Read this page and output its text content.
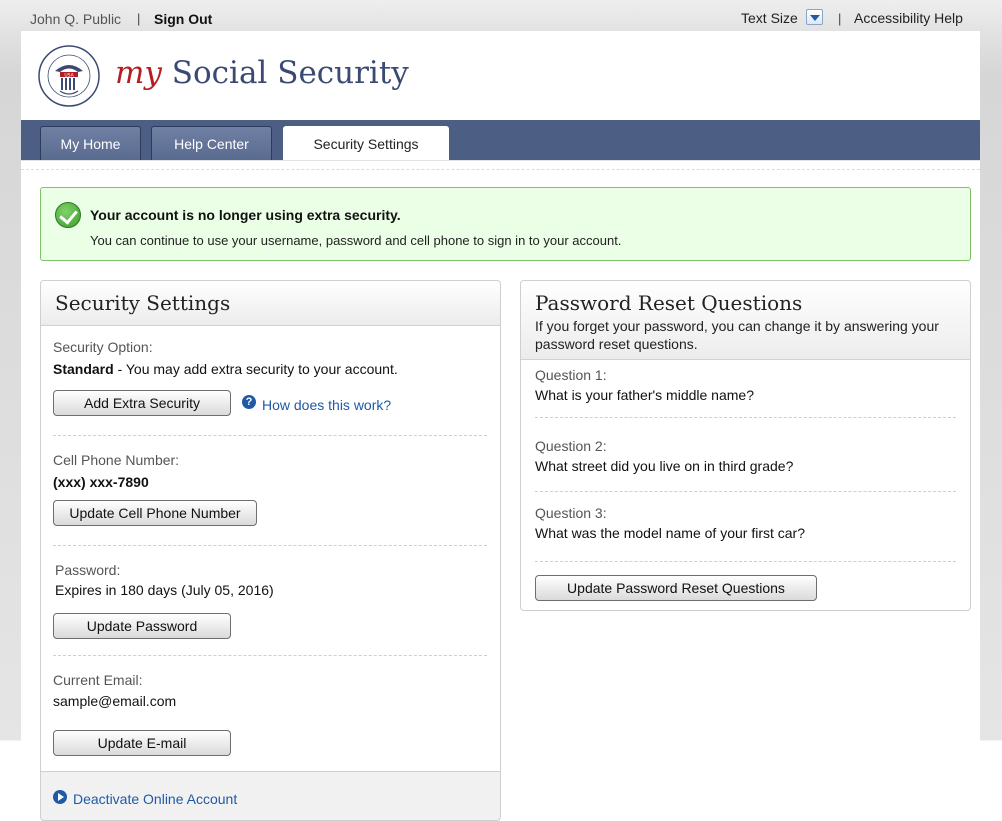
John Q. Public | Sign Out	Text Size	| Accessibility Help
USA my Social Security
My Home	Help Center	Security Settings
Your account is no longer using extra security.
You can continue to use your username, password and cell phone to sign in to your account.
Security Settings
Security Option:
Standard - You may add extra security to your account.
Add Extra Security	? How does this work?
Cell Phone Number:
(xxx) xxx-7890
Update Cell Phone Number
Password:
Expires in 180 days (July 05, 2016)
Update Password
Current Email:
sample@email.com
Update E-mail
Deactivate Online Account
Password Reset Questions
If you forget your password, you can change it by answering your password reset questions.
Question 1:
What is your father's middle name?
Question 2:
What street did you live on in third grade?
Question 3:
What was the model name of your first car?
Update Password Reset Questions
